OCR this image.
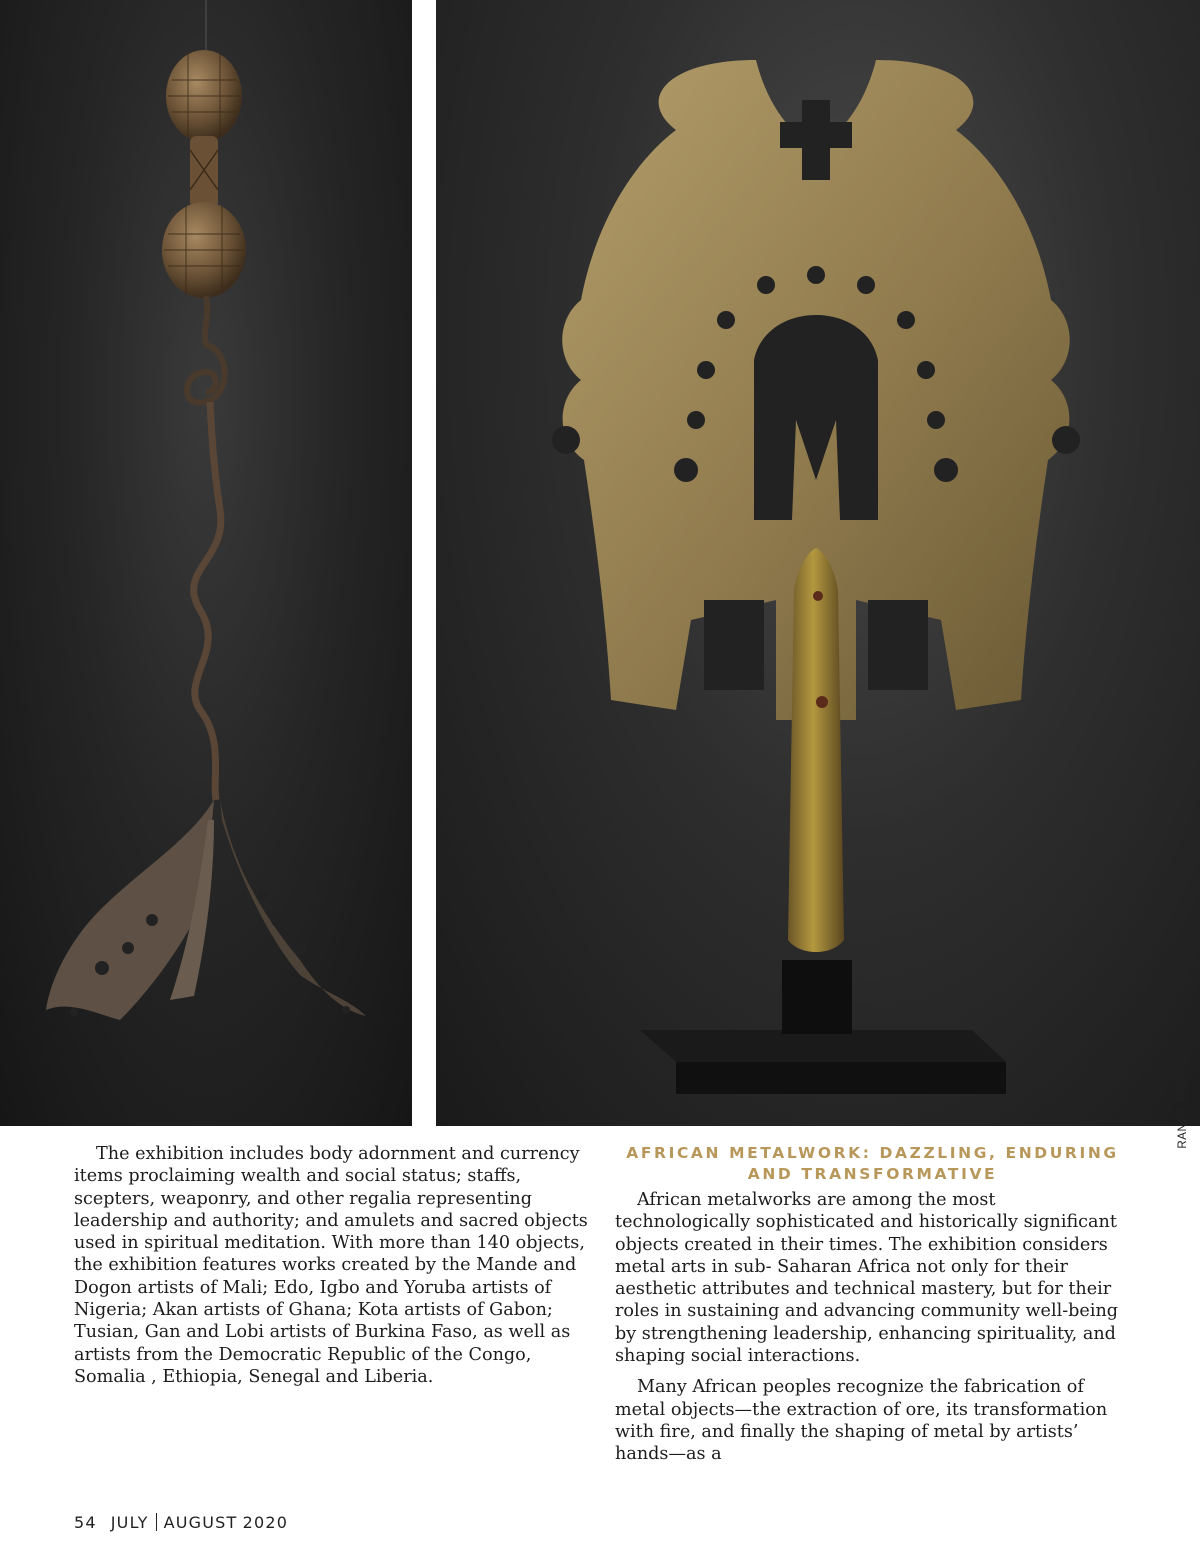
The exhibition includes body adornment and currency items proclaiming wealth and social status; staffs, scepters, weaponry, and other regalia representing leadership and authority; and amulets and sacred objects used in spiritual meditation. With more than 140 objects, the exhibition features works created by the Mande and Dogon artists of Mali; Edo, Igbo and Yoruba artists of Nigeria; Akan artists of Ghana; Kota artists of Gabon; Tusian, Gan and Lobi artists of Burkina Faso, as well as artists from the Democratic Republic of the Congo, Somalia , Ethiopia, Senegal and Liberia.

AFRICAN METALWORK: DAZZLING, ENDURING AND TRANSFORMATIVE

African metalworks are among the most technologically sophisticated and historically significant objects created in their times. The exhibition considers metal arts in sub- Saharan Africa not only for their aesthetic attributes and technical mastery, but for their roles in sustaining and advancing community well-being by strengthening leadership, enhancing spirituality, and shaping social interactions.

Many African peoples recognize the fabrication of metal objects—the extraction of ore, its transformation with fire, and finally the shaping of metal by artists’ hands—as a

RANDY BATISTA
54 JULY AUGUST 2020
